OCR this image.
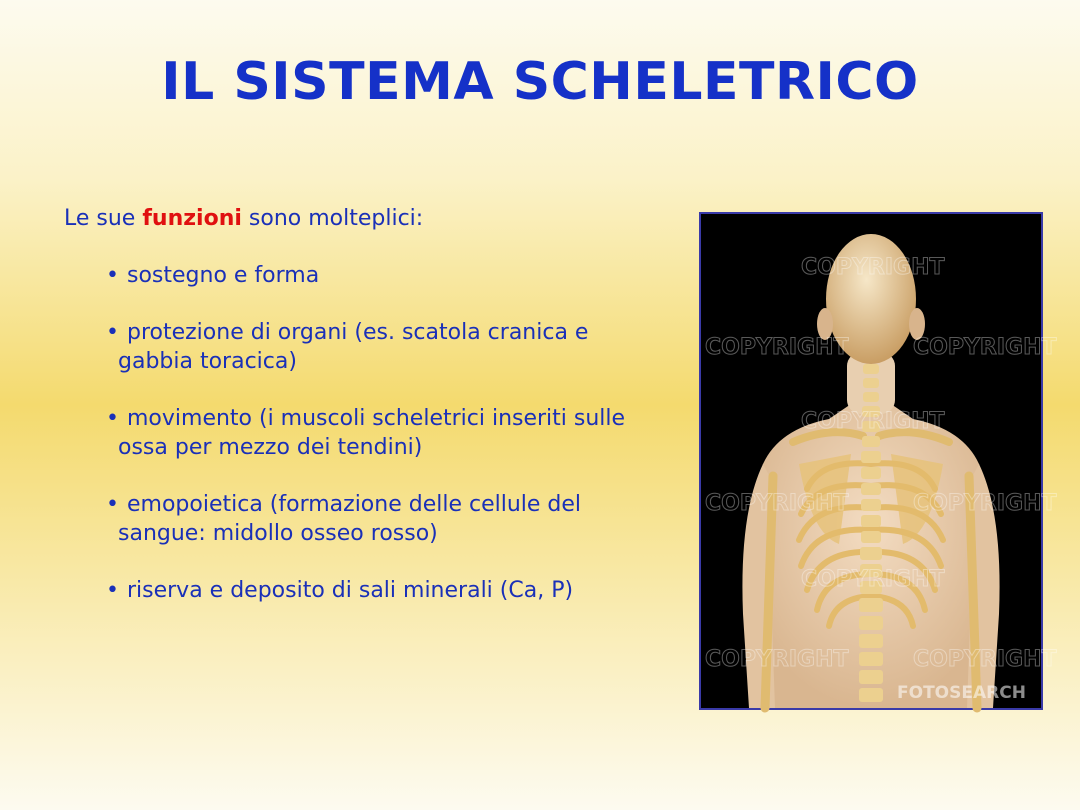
IL SISTEMA SCHELETRICO

Le sue funzioni sono molteplici:

• sostegno e forma
• protezione di organi (es. scatola cranica e gabbia toracica)
• movimento (i muscoli scheletrici inseriti sulle ossa per mezzo dei tendini)
• emopoietica (formazione delle cellule del sangue: midollo osseo rosso)
• riserva e deposito di sali minerali (Ca, P)
COPYRIGHT
COPYRIGHT	COPYRIGHT
COPYRIGHT
COPYRIGHT	COPYRIGHT
COPYRIGHT
COPYRIGHT	COPYRIGHT
FOTOSEARCH
